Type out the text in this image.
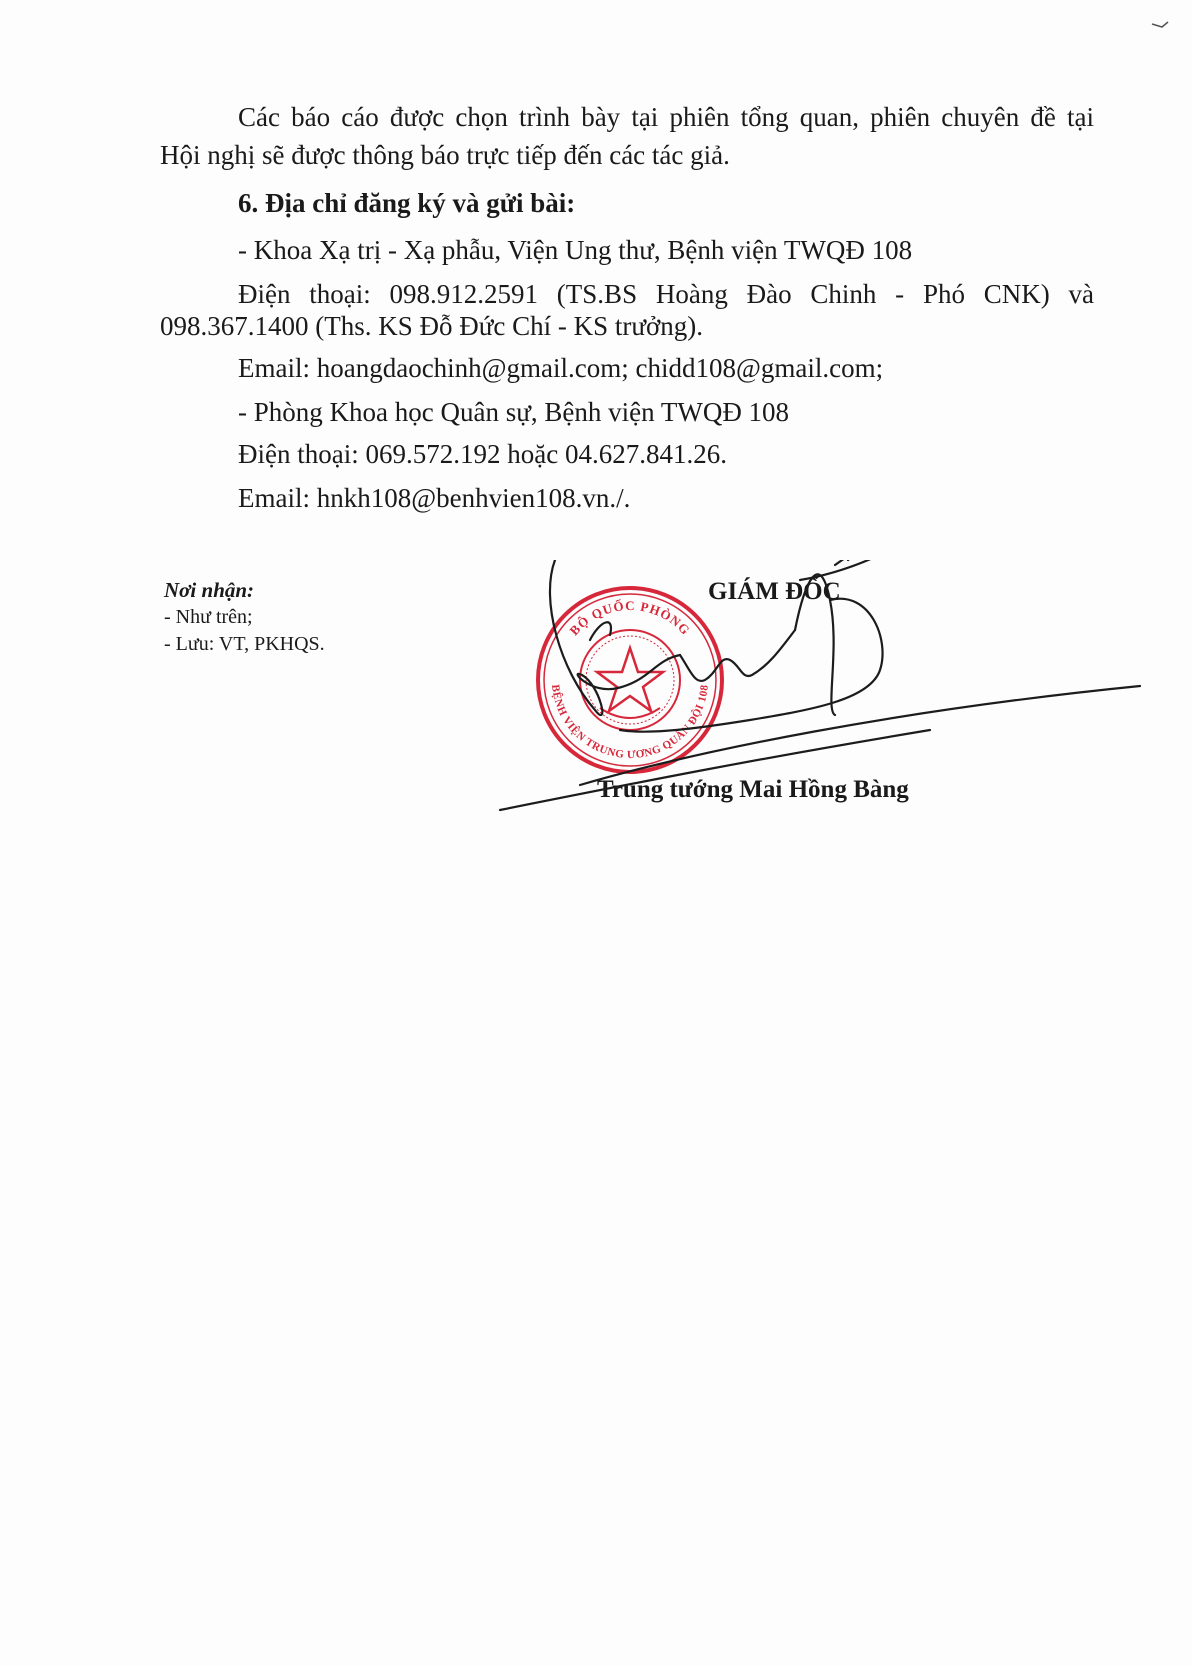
Các báo cáo được chọn trình bày tại phiên tổng quan, phiên chuyên đề tại
Hội nghị sẽ được thông báo trực tiếp đến các tác giả.
6. Địa chỉ đăng ký và gửi bài:
- Khoa Xạ trị - Xạ phẫu, Viện Ung thư, Bệnh viện TWQĐ 108
Điện thoại: 098.912.2591 (TS.BS Hoàng Đào Chinh - Phó CNK) và
098.367.1400 (Ths. KS Đỗ Đức Chí - KS trưởng).
Email: hoangdaochinh@gmail.com; chidd108@gmail.com;
- Phòng Khoa học Quân sự, Bệnh viện TWQĐ 108
Điện thoại: 069.572.192 hoặc 04.627.841.26.
Email: hnkh108@benhvien108.vn./.
Nơi nhận:
- Như trên;
- Lưu: VT, PKHQS.
BỘ QUỐC PHÒNG
BỆNH VIỆN TRUNG ƯƠNG QUÂN ĐỘI 108
GIÁM ĐỐC
Trung tướng Mai Hồng Bàng
